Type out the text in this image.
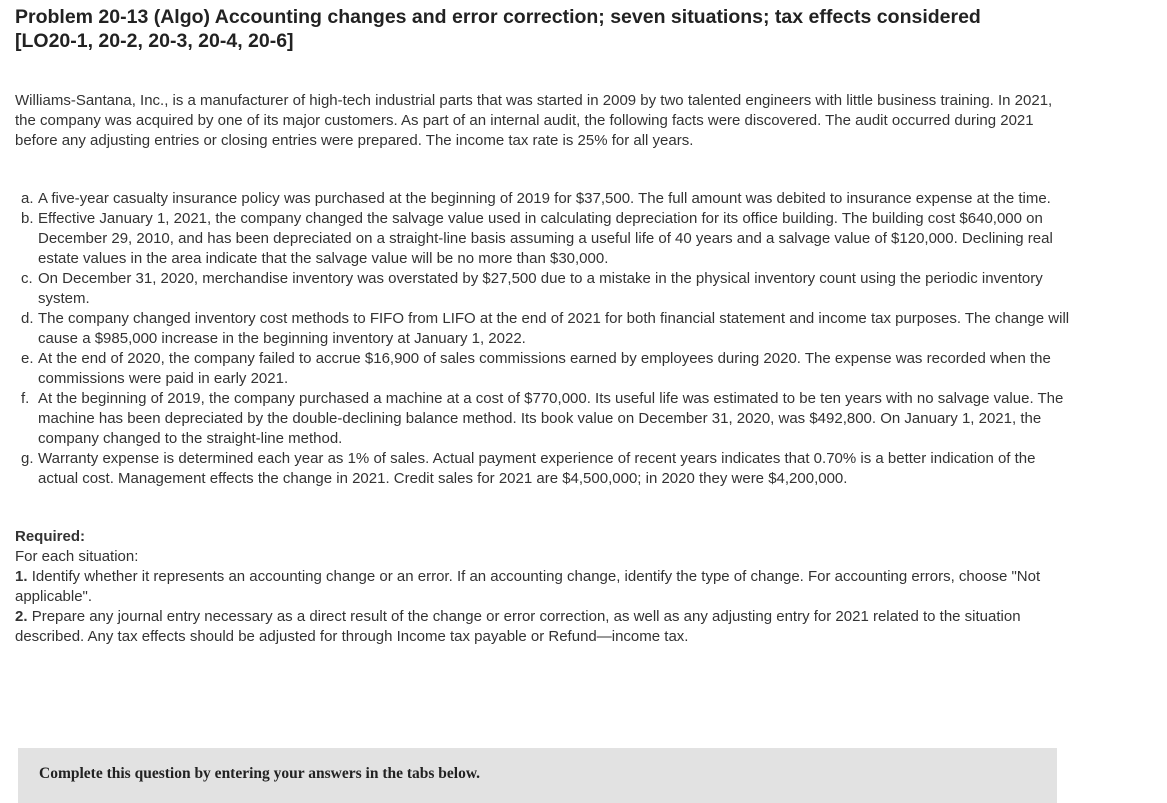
Problem 20-13 (Algo) Accounting changes and error correction; seven situations; tax effects considered
[LO20-1, 20-2, 20-3, 20-4, 20-6]

Williams-Santana, Inc., is a manufacturer of high-tech industrial parts that was started in 2009 by two talented engineers with little business training. In 2021, the company was acquired by one of its major customers. As part of an internal audit, the following facts were discovered. The audit occurred during 2021 before any adjusting entries or closing entries were prepared. The income tax rate is 25% for all years.

a. A five-year casualty insurance policy was purchased at the beginning of 2019 for $37,500. The full amount was debited to insurance expense at the time.
b. Effective January 1, 2021, the company changed the salvage value used in calculating depreciation for its office building. The building cost $640,000 on December 29, 2010, and has been depreciated on a straight-line basis assuming a useful life of 40 years and a salvage value of $120,000. Declining real estate values in the area indicate that the salvage value will be no more than $30,000.
c. On December 31, 2020, merchandise inventory was overstated by $27,500 due to a mistake in the physical inventory count using the periodic inventory system.
d. The company changed inventory cost methods to FIFO from LIFO at the end of 2021 for both financial statement and income tax purposes. The change will cause a $985,000 increase in the beginning inventory at January 1, 2022.
e. At the end of 2020, the company failed to accrue $16,900 of sales commissions earned by employees during 2020. The expense was recorded when the commissions were paid in early 2021.
f. At the beginning of 2019, the company purchased a machine at a cost of $770,000. Its useful life was estimated to be ten years with no salvage value. The machine has been depreciated by the double-declining balance method. Its book value on December 31, 2020, was $492,800. On January 1, 2021, the company changed to the straight-line method.
g. Warranty expense is determined each year as 1% of sales. Actual payment experience of recent years indicates that 0.70% is a better indication of the actual cost. Management effects the change in 2021. Credit sales for 2021 are $4,500,000; in 2020 they were $4,200,000.
Required:
For each situation:
1. Identify whether it represents an accounting change or an error. If an accounting change, identify the type of change. For accounting errors, choose "Not applicable".
2. Prepare any journal entry necessary as a direct result of the change or error correction, as well as any adjusting entry for 2021 related to the situation described. Any tax effects should be adjusted for through Income tax payable or Refund—income tax.
Complete this question by entering your answers in the tabs below.
